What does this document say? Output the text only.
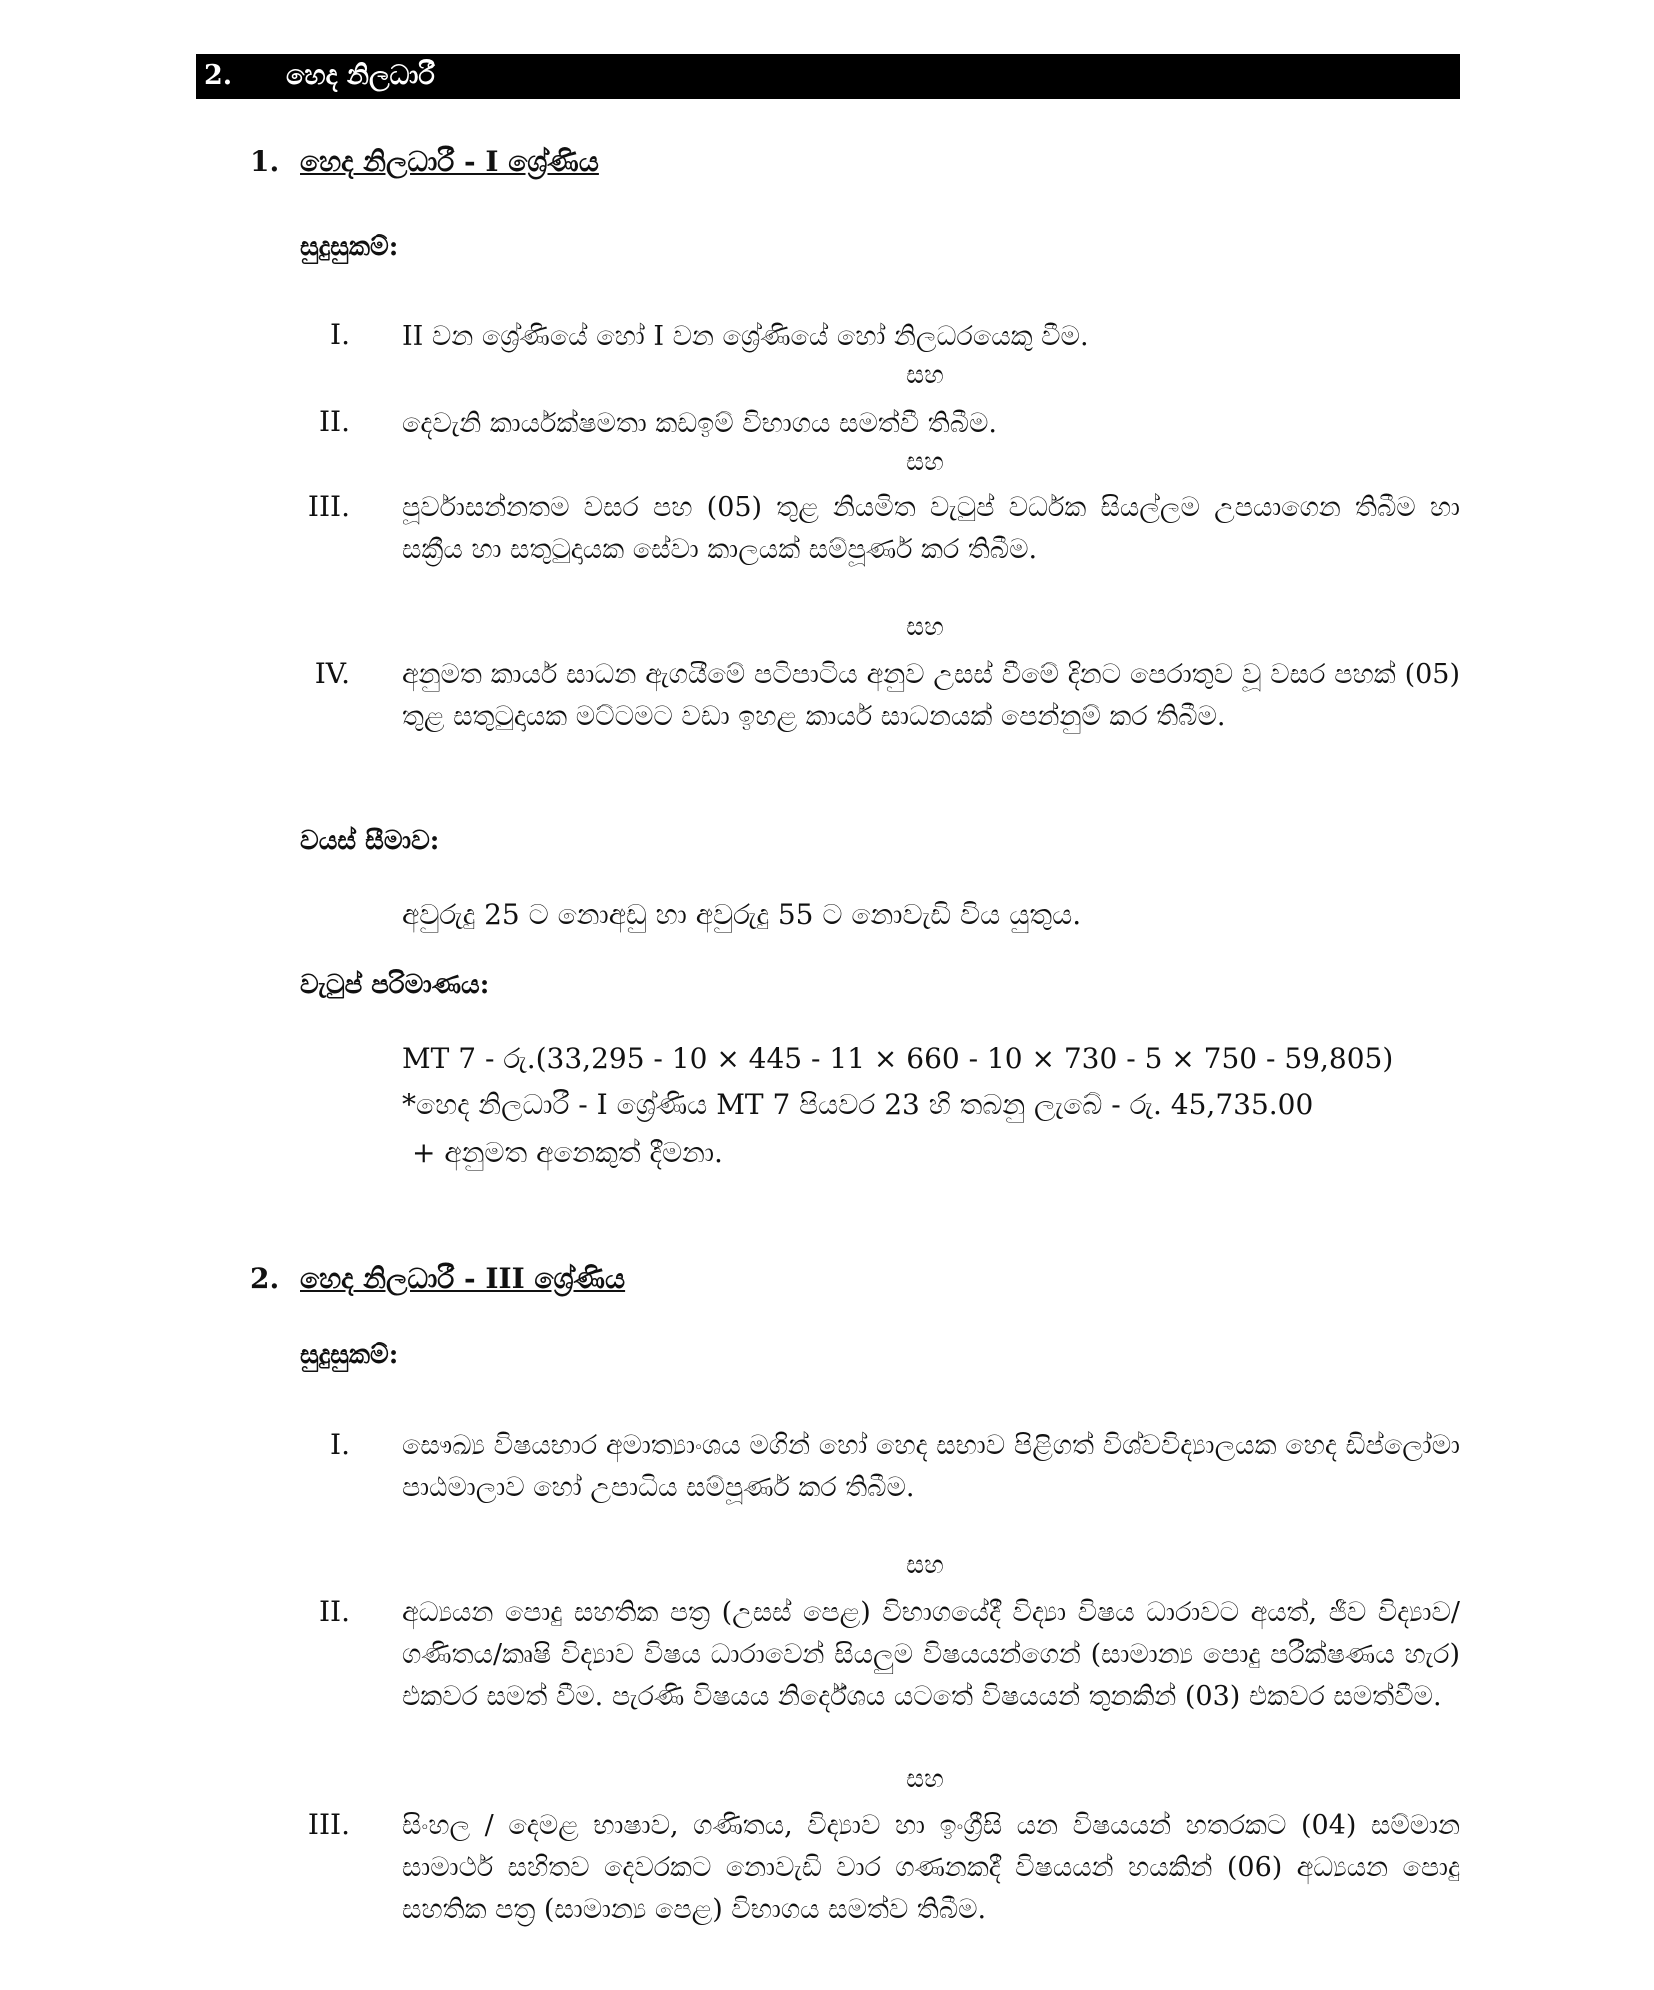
2. හෙද නිලධාරී
1. හෙද නිලධාරී - I ශ්‍රේණිය
සුදුසුකම්:
I. II වන ශ්‍රේණියේ හෝ I වන ශ්‍රේණියේ හෝ නිලධරයෙකු වීම.
සහ
II. දෙවැනි කාර්යක්ෂමතා කඩඉම් විභාගය සමත්වී තිබීම.
සහ
III. පූර්වාසන්නතම වසර පහ (05) තුළ නියමිත වැටුප් වර්ධක සියල්ලම උපයාගෙන තිබීම හා සක්‍රීය හා සතුටුදායක සේවා කාලයක් සම්පූර්ණ කර තිබීම.
සහ
IV. අනුමත කාර්ය සාධන ඇගයීමේ පටිපාටිය අනුව උසස් වීමේ දිනට පෙරාතුව වූ වසර පහක් (05) තුළ සතුටුදායක මට්ටමට වඩා ඉහළ කාර්ය සාධනයක් පෙන්නුම් කර තිබීම.
වයස් සීමාව:
අවුරුදු 25 ට නොඅඩු හා අවුරුදු 55 ට නොවැඩි විය යුතුය.
වැටුප් පරිමාණය:
MT 7 - රු.(33,295 - 10 × 445 - 11 × 660 - 10 × 730 - 5 × 750 - 59,805)
*හෙද නිලධාරී - I ශ්‍රේණිය MT 7 පියවර 23 හි තබනු ලැබේ - රු. 45,735.00
+ අනුමත අනෙකුත් දීමනා.
2. හෙද නිලධාරී - III ශ්‍රේණිය
සුදුසුකම්:
I. සෞඛ්‍ය විෂයභාර අමාත්‍යාංශය මගින් හෝ හෙද සභාව පිළිගත් විශ්වවිද්‍යාලයක හෙද ඩිප්ලෝමා පාඨමාලාව හෝ උපාධිය සම්පූර්ණ කර තිබීම.
සහ
II. අධ්‍යයන පොදු සහතික පත්‍ර (උසස් පෙළ) විභාගයේදී විද්‍යා විෂය ධාරාවට අයත්, ජීව විද්‍යාව/ගණිතය/කෘෂි විද්‍යාව විෂය ධාරාවෙන් සියලුම විෂයයන්ගෙන් (සාමාන්‍ය පොදු පරීක්ෂණය හැර) එකවර සමත් වීම. පැරණි විෂයය නිර්දේශය යටතේ විෂයයන් තුනකින් (03) එකවර සමත්වීම.
සහ
III. සිංහල / දෙමළ භාෂාව, ගණිතය, විද්‍යාව හා ඉංග්‍රීසි යන විෂයයන් හතරකට (04) සම්මාන සාමාර්ථ සහිතව දෙවරකට නොවැඩි වාර ගණනකදී විෂයයන් හයකින් (06) අධ්‍යයන පොදු සහතික පත්‍ර (සාමාන්‍ය පෙළ) විභාගය සමත්ව තිබීම.
